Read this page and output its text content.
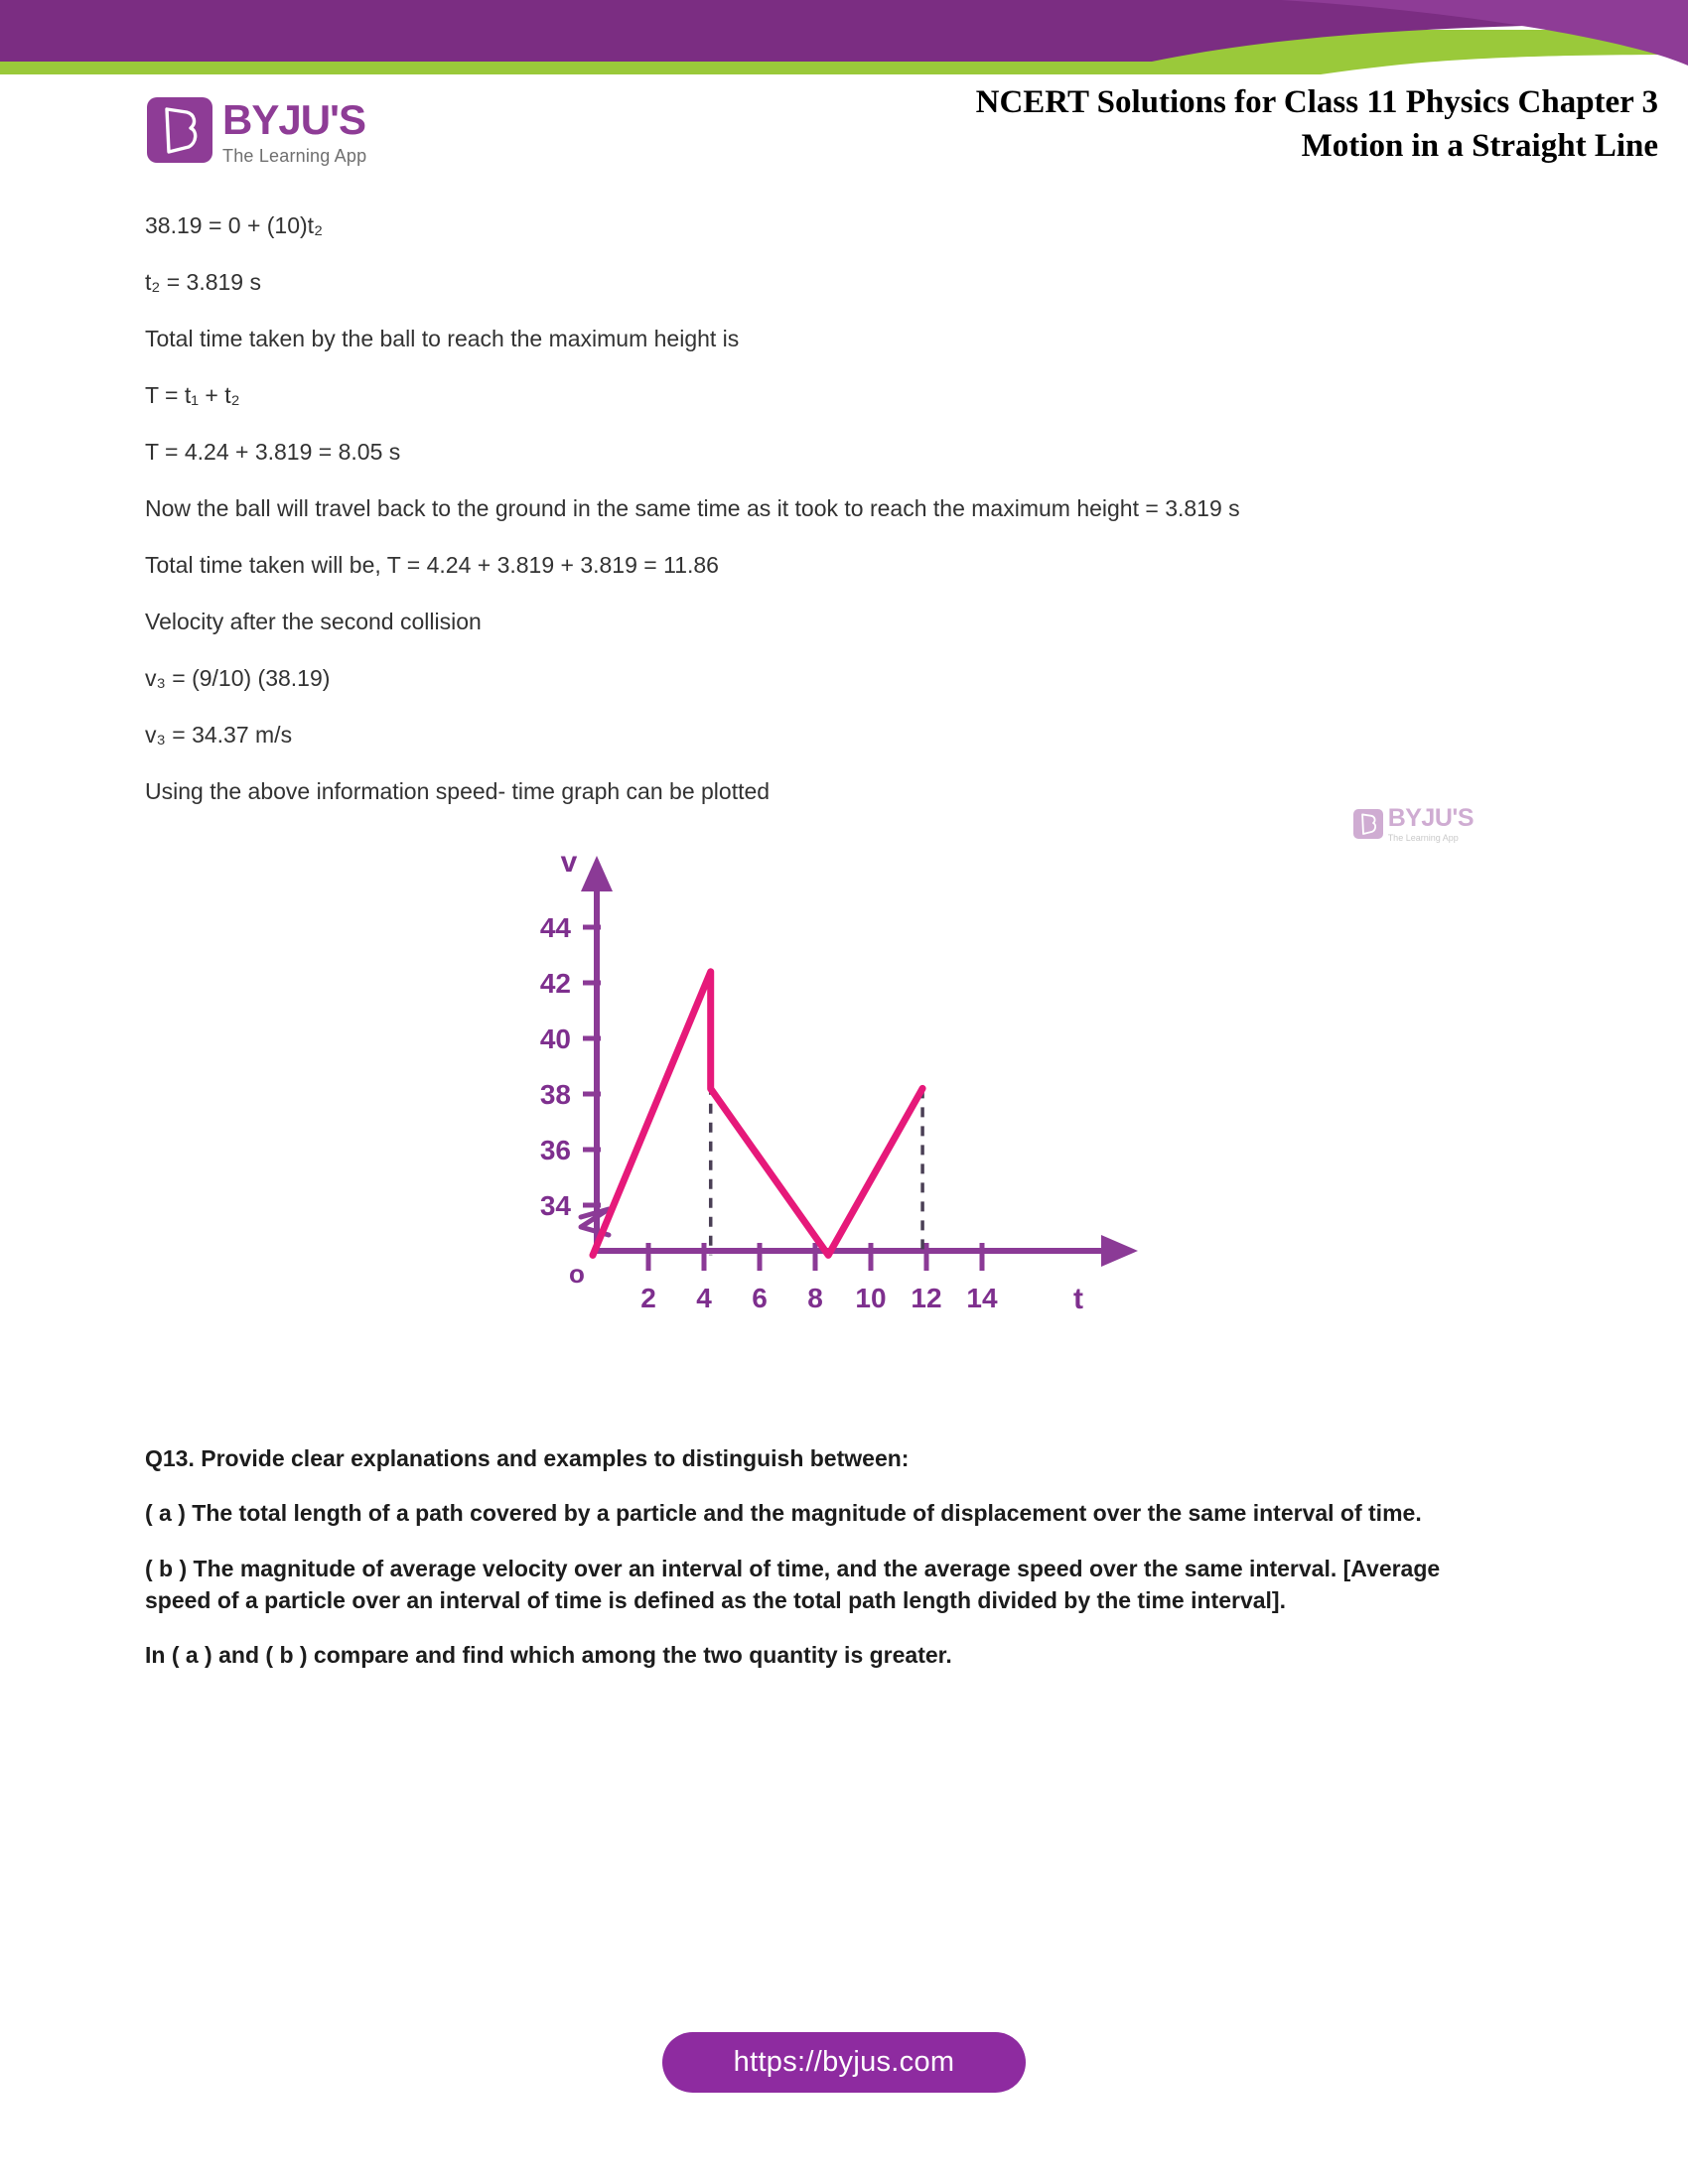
BYJU'S
The Learning App
NCERT Solutions for Class 11 Physics Chapter 3
Motion in a Straight Line

38.19 = 0 + (10)t₂

t₂ = 3.819 s

Total time taken by the ball to reach the maximum height is

T = t₁ + t₂

T = 4.24 + 3.819 = 8.05 s

Now the ball will travel back to the ground in the same time as it took to reach the maximum height = 3.819 s

Total time taken will be, T = 4.24 + 3.819 + 3.819 = 11.86

Velocity after the second collision

v₃ = (9/10) (38.19)

v₃ = 34.37 m/s

Using the above information speed- time graph can be plotted

BYJU'S
The Learning App
34
36
38
40
42
44
2 4 6 8 10 12 14
v
t
o

Q13. Provide clear explanations and examples to distinguish between:

( a ) The total length of a path covered by a particle and the magnitude of displacement over the same interval of time.

( b ) The magnitude of average velocity over an interval of time, and the average speed over the same interval. [Average speed of a particle over an interval of time is defined as the total path length divided by the time interval].

In ( a ) and ( b ) compare and find which among the two quantity is greater.

https://byjus.com
